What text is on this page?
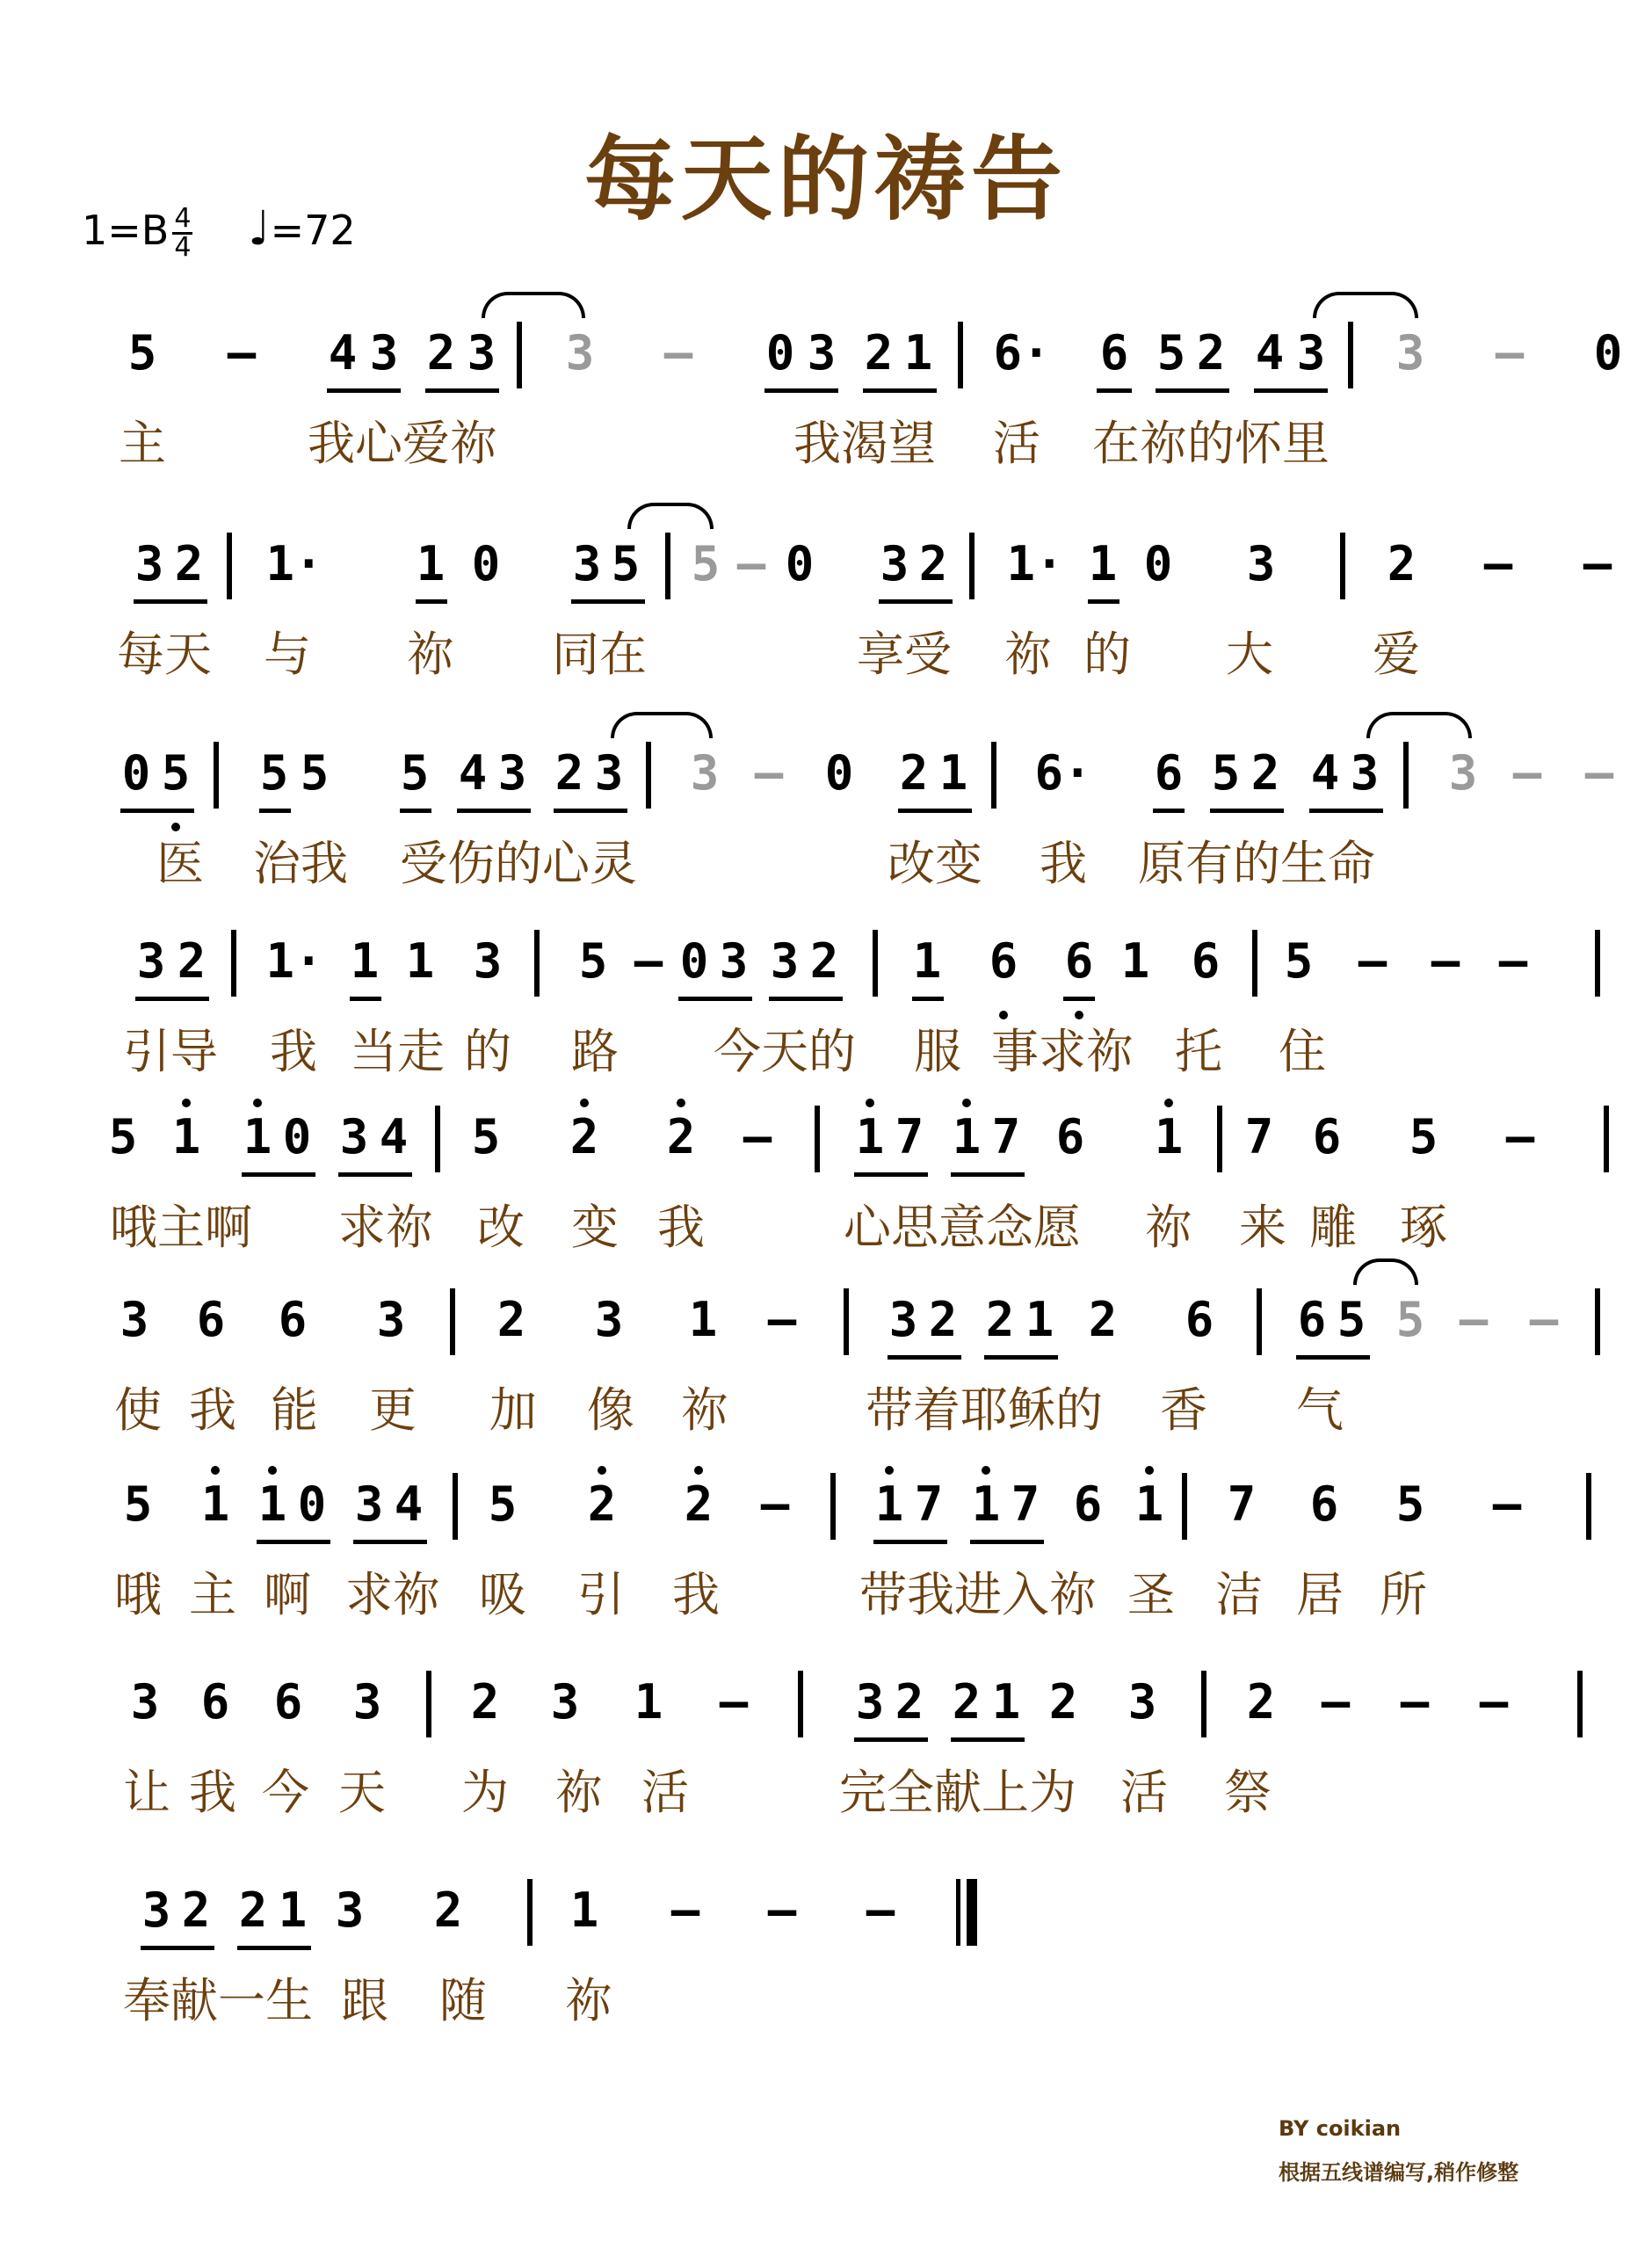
每天的祷告
$1=B \frac{4}{4}$ ♩=72
5 – 4 3 2 3 3 – 0 3 2 1 6· 6 5 2 4 3 3 – 0
主	我心爱祢	我渴望 活 在祢的怀里
3 2 1· 1 0 3 5 5 – 0 3 2 1· 1 0 3 2 – –
每天 与 祢 同在	享受 祢 的 大 爱
0 5 5 5 5 4 3 2 3 3 – 0 2 1 6· 6 5 2 4 3 3 – –
医 治我 受伤的心灵	改变 我 原有的生命
3 2 1· 1 1 3 5 – 0 3 3 2 1 6 6 1 6 5 – – –
引导 我 当走 的 路 今天的 服 事求祢 托 住
5 1 1 0 3 4 5 2 2 – 1 7 1 7 6 1 7 6 5 –
哦主啊 求祢 改 变 我	心思意念愿 祢 来 雕 琢
3 6 6 3 2 3 1 – 3 2 2 1 2 6 6 5 5 – –
使 我 能 更 加 像 祢	带着耶稣的 香 气
5 1 1 0 3 4 5 2 2 – 1 7 1 7 6 1 7 6 5 –
哦 主 啊 求祢 吸 引 我	带我进入祢 圣 洁 居 所
3 6 6 3 2 3 1 – 3 2 2 1 2 3 2 – – –
让 我 今 天 为 祢 活	完全献上为 活 祭
3 2 2 1 3 2 1 – – –
奉献一生 跟 随 祢
BY coikian
根据五线谱编写,稍作修整
